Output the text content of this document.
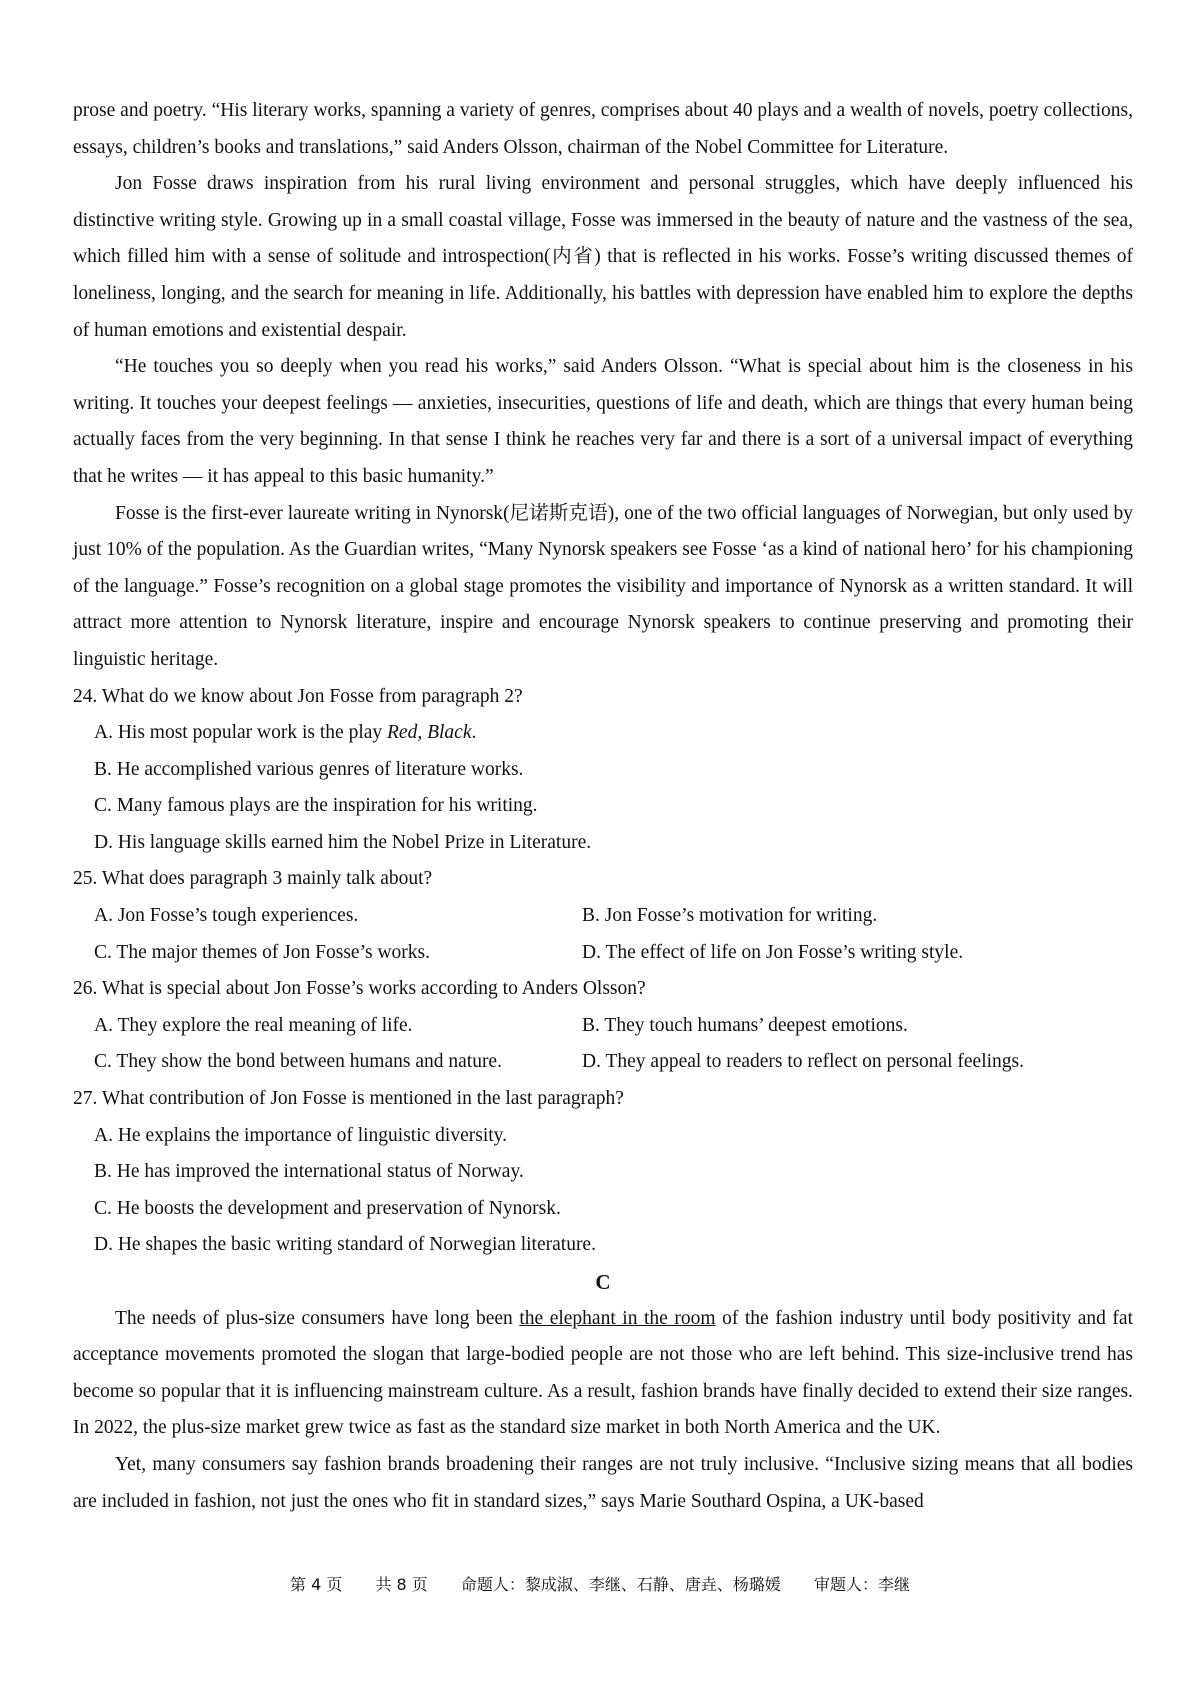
prose and poetry. “His literary works, spanning a variety of genres, comprises about 40 plays and a wealth of novels, poetry collections, essays, children’s books and translations,” said Anders Olsson, chairman of the Nobel Committee for Literature.

Jon Fosse draws inspiration from his rural living environment and personal struggles, which have deeply influenced his distinctive writing style. Growing up in a small coastal village, Fosse was immersed in the beauty of nature and the vastness of the sea, which filled him with a sense of solitude and introspection(内省) that is reflected in his works. Fosse’s writing discussed themes of loneliness, longing, and the search for meaning in life. Additionally, his battles with depression have enabled him to explore the depths of human emotions and existential despair.

“He touches you so deeply when you read his works,” said Anders Olsson. “What is special about him is the closeness in his writing. It touches your deepest feelings — anxieties, insecurities, questions of life and death, which are things that every human being actually faces from the very beginning. In that sense I think he reaches very far and there is a sort of a universal impact of everything that he writes — it has appeal to this basic humanity.”

Fosse is the first-ever laureate writing in Nynorsk(尼诺斯克语), one of the two official languages of Norwegian, but only used by just 10% of the population. As the Guardian writes, “Many Nynorsk speakers see Fosse ‘as a kind of national hero’ for his championing of the language.” Fosse’s recognition on a global stage promotes the visibility and importance of Nynorsk as a written standard. It will attract more attention to Nynorsk literature, inspire and encourage Nynorsk speakers to continue preserving and promoting their linguistic heritage.

24. What do we know about Jon Fosse from paragraph 2?

A. His most popular work is the play Red, Black.

B. He accomplished various genres of literature works.

C. Many famous plays are the inspiration for his writing.

D. His language skills earned him the Nobel Prize in Literature.

25. What does paragraph 3 mainly talk about?

A. Jon Fosse’s tough experiences.	B. Jon Fosse’s motivation for writing.
C. The major themes of Jon Fosse’s works.	D. The effect of life on Jon Fosse’s writing style.

26. What is special about Jon Fosse’s works according to Anders Olsson?

A. They explore the real meaning of life.	B. They touch humans’ deepest emotions.
C. They show the bond between humans and nature.	D. They appeal to readers to reflect on personal feelings.

27. What contribution of Jon Fosse is mentioned in the last paragraph?

A. He explains the importance of linguistic diversity.

B. He has improved the international status of Norway.

C. He boosts the development and preservation of Nynorsk.

D. He shapes the basic writing standard of Norwegian literature.

C

The needs of plus-size consumers have long been the elephant in the room of the fashion industry until body positivity and fat acceptance movements promoted the slogan that large-bodied people are not those who are left behind. This size-inclusive trend has become so popular that it is influencing mainstream culture. As a result, fashion brands have finally decided to extend their size ranges. In 2022, the plus-size market grew twice as fast as the standard size market in both North America and the UK.

Yet, many consumers say fashion brands broadening their ranges are not truly inclusive. “Inclusive sizing means that all bodies are included in fashion, not just the ones who fit in standard sizes,” says Marie Southard Ospina, a UK-based

第 4 页 共 8 页 命题人：黎成淑、李继、石静、唐垚、杨璐媛 审题人：李继
